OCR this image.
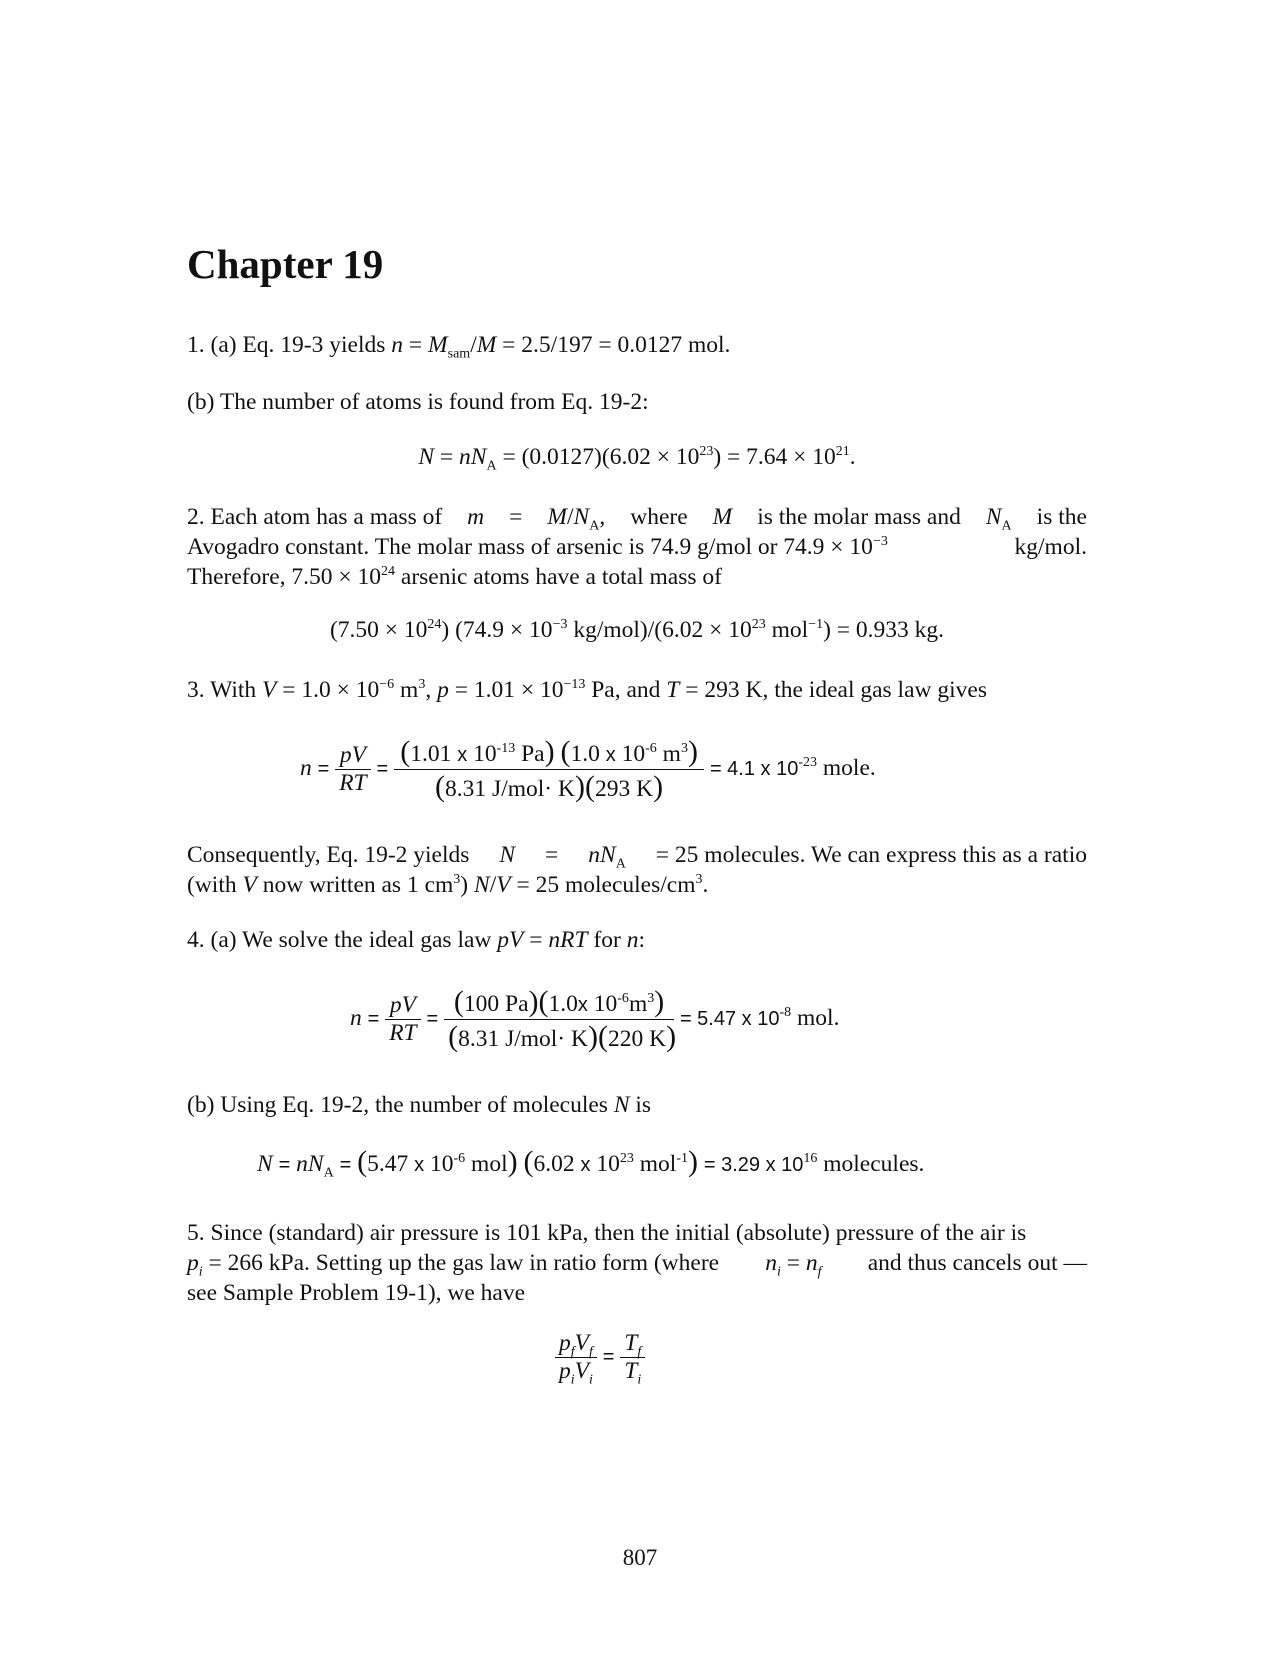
Chapter 19
1. (a) Eq. 19-3 yields $n = M_{sam}/M = 2.5/197 = 0.0127$ mol.
(b) The number of atoms is found from Eq. 19-2:
$N = nN_A = (0.0127)(6.02 \times 10^{23}) = 7.64 \times 10^{21}$.
2. Each atom has a mass of $m = M/N_A$, where M is the molar mass and $N_A$ is the
Avogadro constant. The molar mass of arsenic is 74.9 g/mol or $74.9 \times 10^{-3}$	kg/mol.
Therefore, $7.50 \times 10^{24}$ arsenic atoms have a total mass of
$(7.50 \times 10^{24})$ ($74.9 \times 10^{-3}$ $kg/mol)/(6.02 \times 10^{23}$ mol$^{-1}$) = 0.933 kg.
3. With $V = 1.0 \times 10^{-6}$ $m^3$, $p = 1.01 \times 10^{-13}$ Pa, and T = 293 K, the ideal gas law gives
$n = \frac{pV}{RT} = \frac{(1.01 x 10^{-13} Pa) (1.0 x 10^{-6} m^3)}{\text{(8.31 J/mol· K)(293 K)}} = 4.1$ x $10^{-23}$ mole.
Consequently, Eq. 19-2 yields $N = nN_A = 25$ molecules. We can express this as a ratio
(with V now written as 1 $cm^3$) N/V = 25 molecules/$cm^3$.
4. (a) We solve the ideal gas law pV = nRT for n:
$n = \frac{pV}{RT} = \frac{(100 Pa)(1.0x 10^{-6}m^3)}{\text{(8.31 J/mol· K)(220 K)}} = 5.47$ x $10^{-8}$ mol.
(b) Using Eq. 19-2, the number of molecules N is
$N = nN_A = (5.47$ x $10^{-6}$ mol) (6.02 x $10^{23}$ mol$^{-1}$) = 3.29 x $10^{16}$ molecules.
5. Since (standard) air pressure is 101 kPa, then the initial (absolute) pressure of the air is
$p_i = 266$ kPa. Setting up the gas law in ratio form (where $n_i = n_f$ and thus cancels out —
see Sample Problem 19-1), we have
$\frac{p_fV_f}{p_iV_i} = \frac{T_f}{T_i}$
807
